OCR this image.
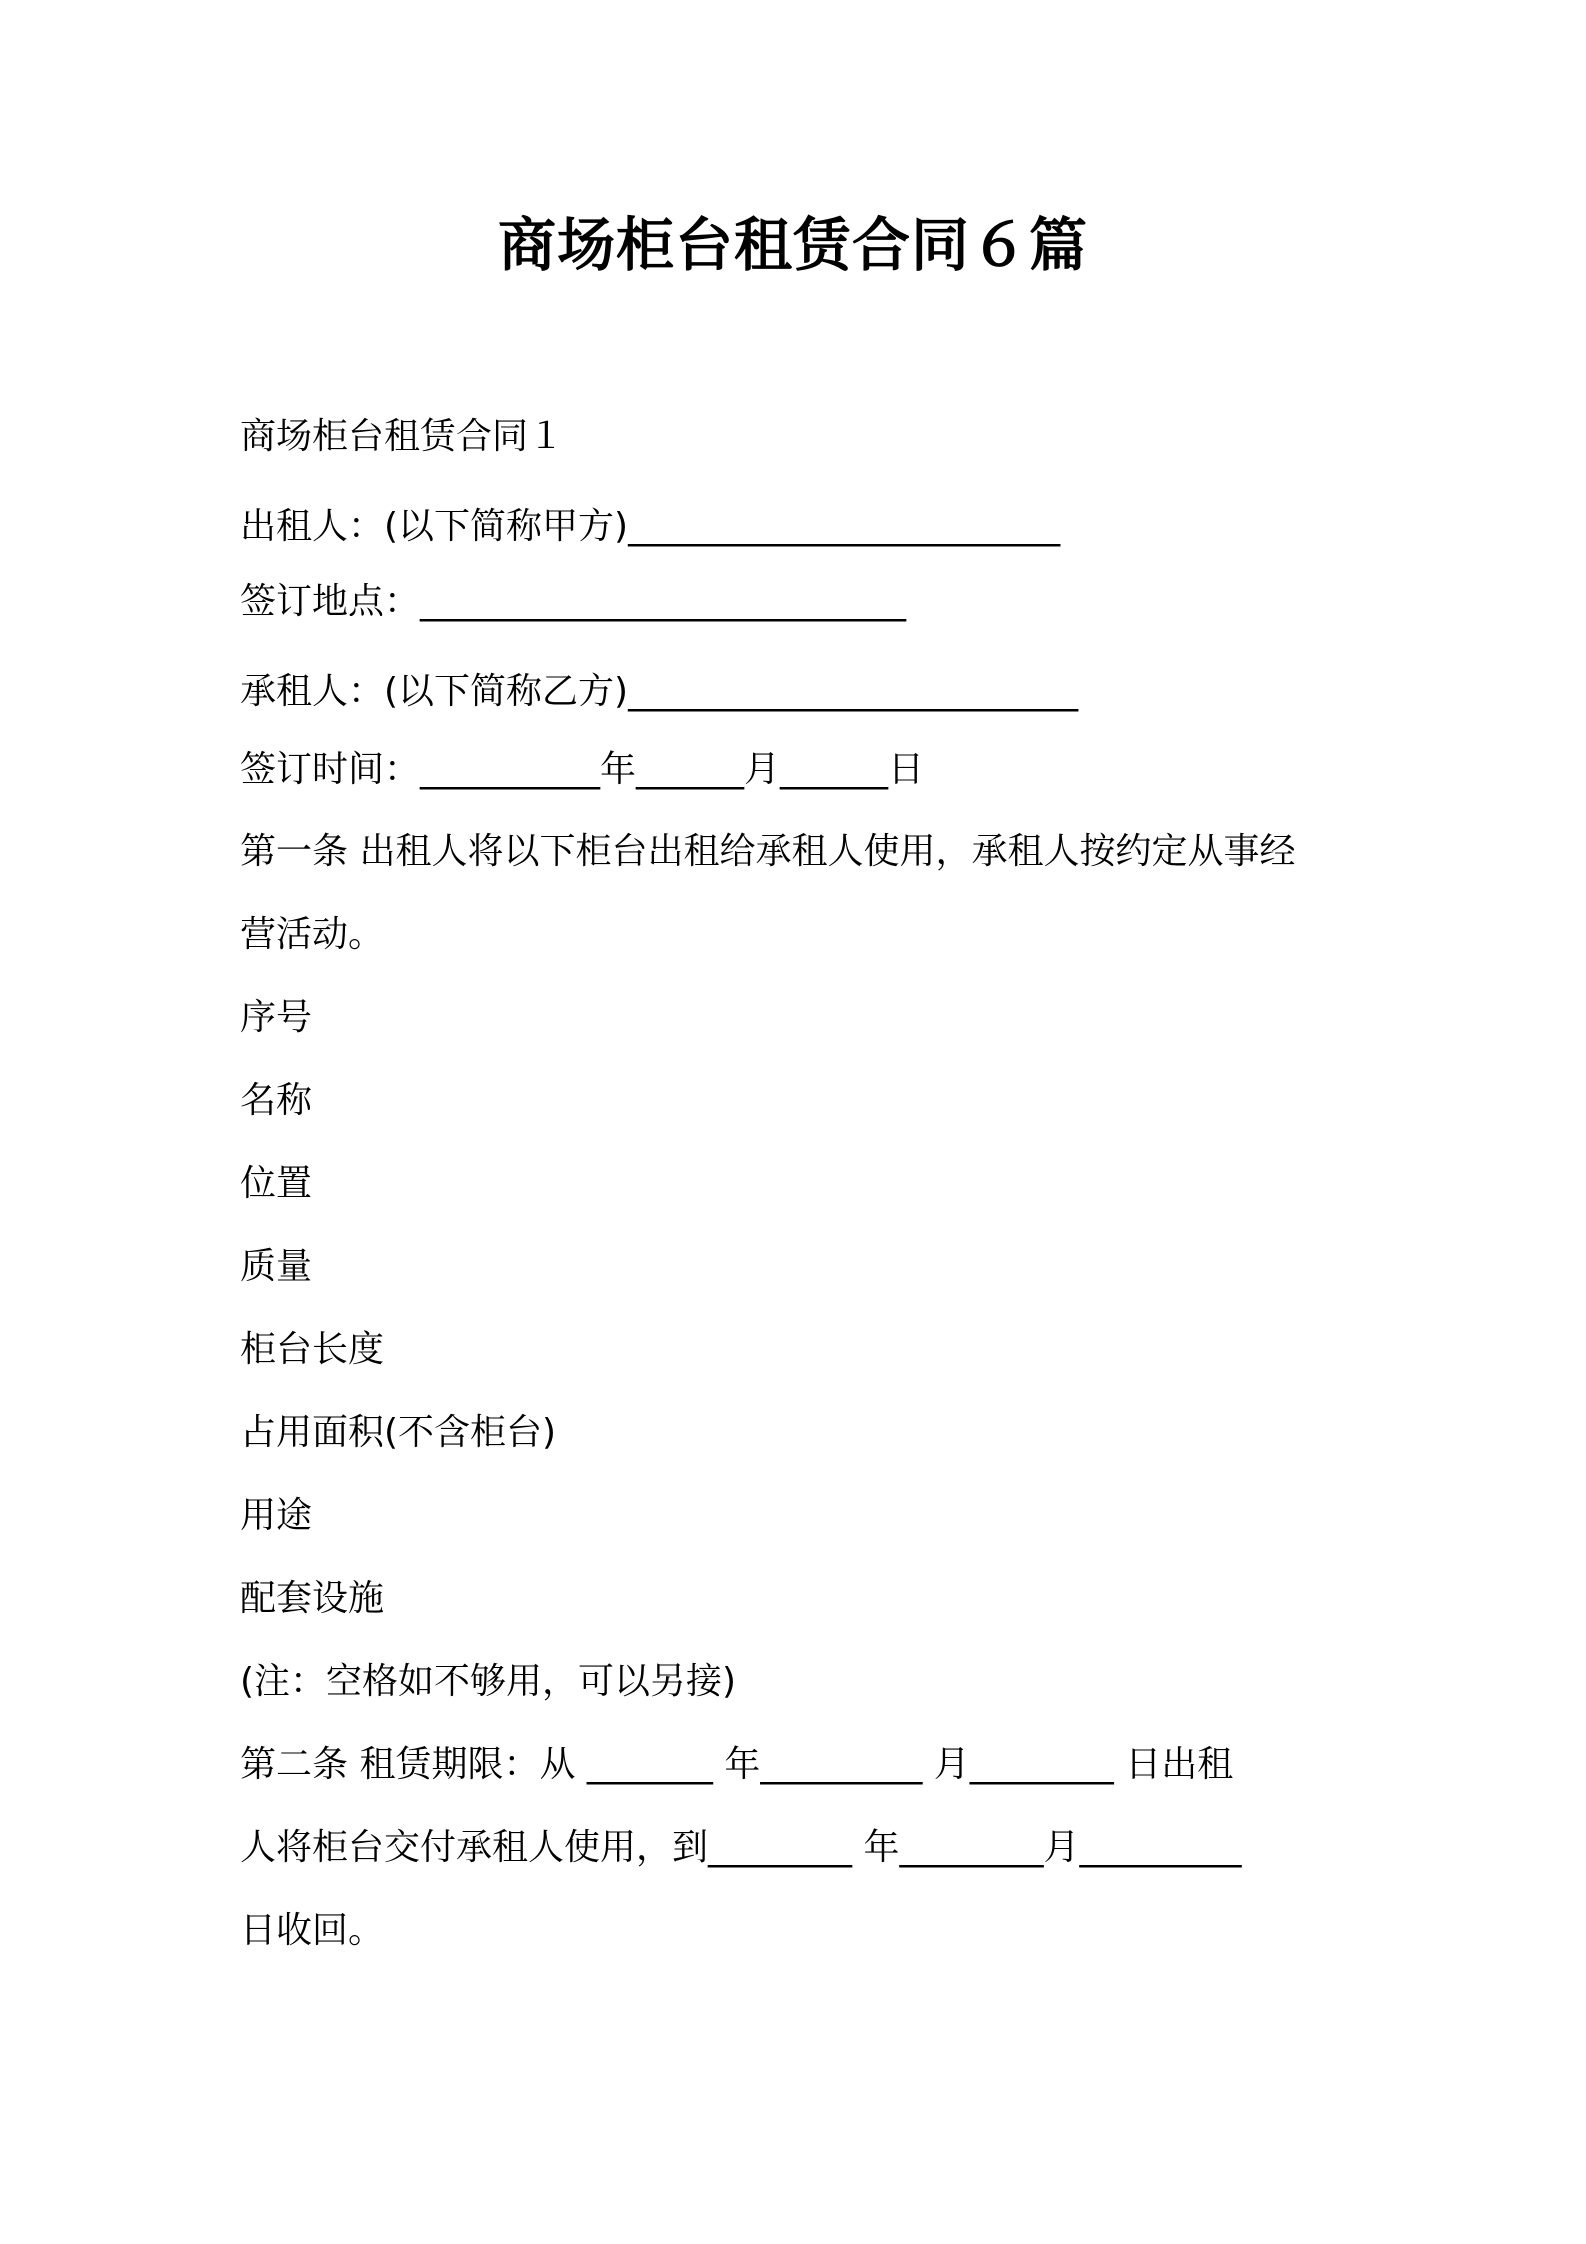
商场柜台租赁合同６篇

商场柜台租赁合同１

出租人：(以下简称甲方)________________________

签订地点：___________________________

承租人：(以下简称乙方)_________________________

签订时间：__________年______月______日

第一条 出租人将以下柜台出租给承租人使用，承租人按约定从事经

营活动。

序号

名称

位置

质量

柜台长度

占用面积(不含柜台)

用途

配套设施

(注：空格如不够用，可以另接)

第二条 租赁期限：从 _______ 年_________ 月________ 日出租

人将柜台交付承租人使用，到________ 年________月_________

日收回。
